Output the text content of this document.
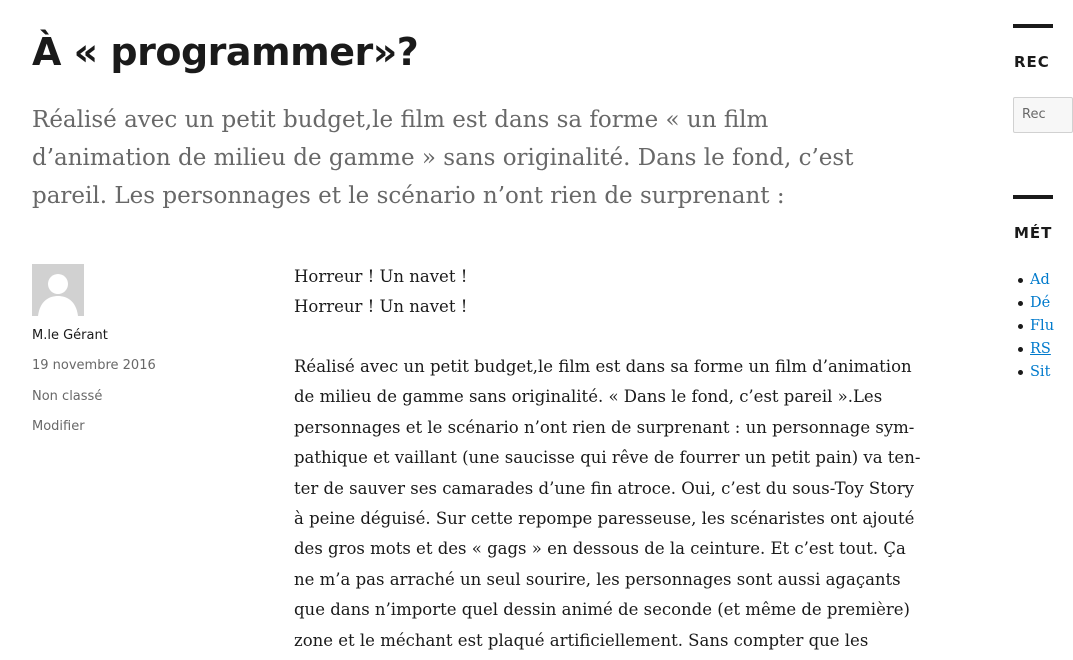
À « programmer»?

Réalisé avec un petit budget,le film est dans sa forme « un film

d’animation de milieu de gamme » sans originalité. Dans le fond, c’est

pareil. Les personnages et le scénario n’ont rien de surprenant :

M.le Gérant
19 novembre 2016
Non classé
Modifier

Horreur ! Un navet !

Horreur ! Un navet !

Réalisé avec un petit budget,le film est dans sa forme un film d’animation

de milieu de gamme sans originalité. « Dans le fond, c’est pareil ».Les

personnages et le scénario n’ont rien de surprenant : un personnage sym-

pathique et vaillant (une saucisse qui rêve de fourrer un petit pain) va ten-

ter de sauver ses camarades d’une fin atroce. Oui, c’est du sous-Toy Story

à peine déguisé. Sur cette repompe paresseuse, les scénaristes ont ajouté

des gros mots et des « gags » en dessous de la ceinture. Et c’est tout. Ça

ne m’a pas arraché un seul sourire, les personnages sont aussi agaçants

que dans n’importe quel dessin animé de seconde (et même de première)

zone et le méchant est plaqué artificiellement. Sans compter que les

REC
Rec
MÉT
Ad
Dé
Flu
RS
Sit
